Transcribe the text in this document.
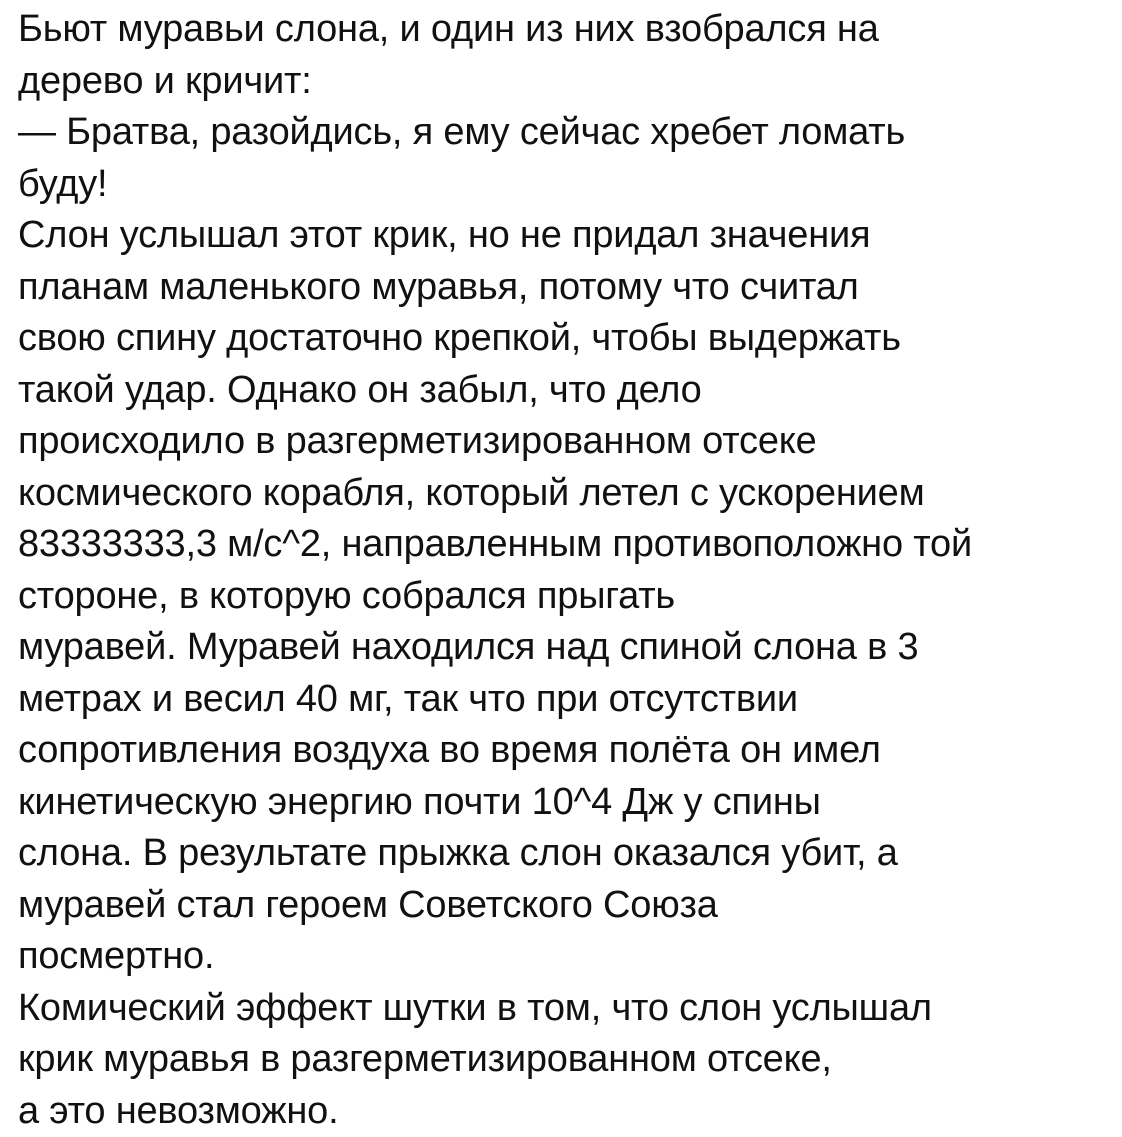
Бьют муравьи слона, и один из них взобрался на
дерево и кричит:
— Братва, разойдись, я ему сейчас хребет ломать
буду!
Слон услышал этот крик, но не придал значения
планам маленького муравья, потому что считал
свою спину достаточно крепкой, чтобы выдержать
такой удар. Однако он забыл, что дело
происходило в разгерметизированном отсеке
космического корабля, который летел с ускорением
83333333,3 м/с^2, направленным противоположно той
стороне, в которую собрался прыгать
муравей. Муравей находился над спиной слона в 3
метрах и весил 40 мг, так что при отсутствии
сопротивления воздуха во время полёта он имел
кинетическую энергию почти 10^4 Дж у спины
слона. В результате прыжка слон оказался убит, а
муравей стал героем Советского Союза
посмертно.
Комический эффект шутки в том, что слон услышал
крик муравья в разгерметизированном отсеке,
а это невозможно.
